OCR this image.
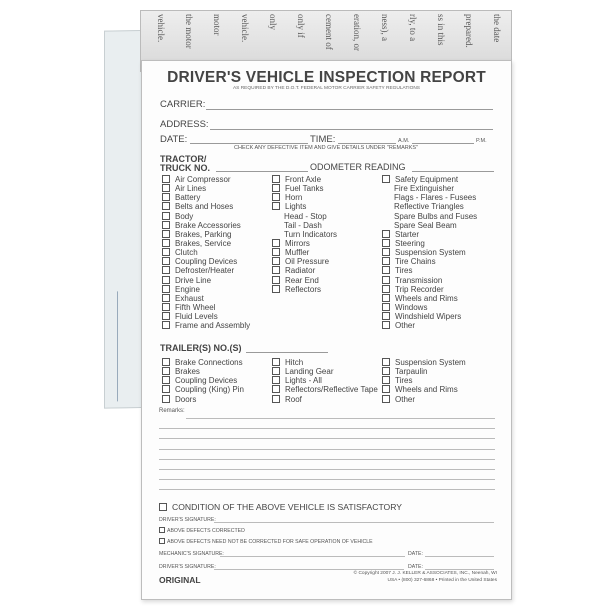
the date
prepared.
ss in this
rly, to a
ness), a
eration, or
cement of
only if
only
vehicle.
motor
the motor
vehicle.
DRIVER'S VEHICLE INSPECTION REPORT
AS REQUIRED BY THE D.O.T. FEDERAL MOTOR CARRIER SAFETY REGULATIONS
CARRIER:
ADDRESS:
DATE:	TIME:	A.M.	P.M.
CHECK ANY DEFECTIVE ITEM AND GIVE DETAILS UNDER "REMARKS"
TRACTOR/
TRUCK NO.	ODOMETER READING
Air Compressor
Air Lines
Battery
Belts and Hoses
Body
Brake Accessories
Brakes, Parking
Brakes, Service
Clutch
Coupling Devices
Defroster/Heater
Drive Line
Engine
Exhaust
Fifth Wheel
Fluid Levels
Frame and Assembly
Front Axle
Fuel Tanks
Horn
Lights
Head - Stop
Tail - Dash
Turn Indicators
Mirrors
Muffler
Oil Pressure
Radiator
Rear End
Reflectors
Safety Equipment
Fire Extinguisher
Flags - Flares - Fusees
Reflective Triangles
Spare Bulbs and Fuses
Spare Seal Beam
Starter
Steering
Suspension System
Tire Chains
Tires
Transmission
Trip Recorder
Wheels and Rims
Windows
Windshield Wipers
Other
TRAILER(S) NO.(S)
Brake Connections
Brakes
Coupling Devices
Coupling (King) Pin
Doors
Hitch
Landing Gear
Lights - All
Reflectors/Reflective Tape
Roof
Suspension System
Tarpaulin
Tires
Wheels and Rims
Other
Remarks:
CONDITION OF THE ABOVE VEHICLE IS SATISFACTORY
DRIVER'S SIGNATURE:
ABOVE DEFECTS CORRECTED
ABOVE DEFECTS NEED NOT BE CORRECTED FOR SAFE OPERATION OF VEHICLE
MECHANIC'S SIGNATURE:	DATE:
DRIVER'S SIGNATURE:	DATE:
ORIGINAL
© Copyright 2007 J. J. KELLER & ASSOCIATES, INC., Neenah, WI
USA • (800) 327-6868 • Printed in the United States
